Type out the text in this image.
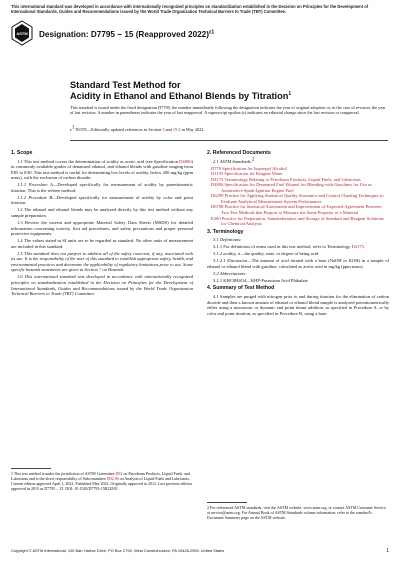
This international standard was developed in accordance with internationally recognized principles on standardization established in the Decision on Principles for the Development of International Standards, Guides and Recommendations issued by the World Trade Organization Technical Barriers to Trade (TBT) Committee.
ASTM Designation: D7795 − 15 (Reapproved 2022)$^{\varepsilon 1}$
Standard Test Method for
Acidity in Ethanol and Ethanol Blends by Titration$^1$
This standard is issued under the fixed designation D7795; the number immediately following the designation indicates the year of original adoption or, in the case of revision, the year of last revision. A number in parentheses indicates the year of last reapproval. A superscript epsilon (ε) indicates an editorial change since the last revision or reapproval.
ε1 NOTE—Editorially updated references in Section 3 and 19.2 in May 2022.
1. Scope
1.1 This test method covers the determination of acidity as acetic acid (see Specification D4806) in commonly available grades of denatured ethanol, and ethanol blends with gasoline ranging from E85 to E30. This test method is useful for determining low levels of acidity, below 200 mg/kg (ppm mass), with the exclusion of carbon dioxide.
1.1.1 Procedure A—Developed specifically for measurement of acidity by potentiometric titration. This is the referee method.
1.1.2 Procedure B—Developed specifically for measurement of acidity by color end point titration.
1.2 The ethanol and ethanol blends may be analyzed directly by this test method without any sample preparation.
1.3 Review the current and appropriate Material Safety Data Sheets (MSDS) for detailed information concerning toxicity, first aid procedures, and safety precautions and proper personal protective equipments.
1.4 The values stated in SI units are to be regarded as standard. No other units of measurement are included in this standard.
1.5 This standard does not purport to address all of the safety concerns, if any, associated with its use. It is the responsibility of the user of this standard to establish appropriate safety, health, and environmental practices and determine the applicability of regulatory limitations prior to use. Some specific hazards statements are given in Section 7 on Hazards.
1.6 This international standard was developed in accordance with internationally recognized principles on standardization established in the Decision on Principles for the Development of International Standards, Guides and Recommendations issued by the World Trade Organization Technical Barriers to Trade (TBT) Committee.
2. Referenced Documents
2.1 ASTM Standards:2
D770 Specification for Isopropyl Alcohol
D1193 Specification for Reagent Water
D4175 Terminology Relating to Petroleum Products, Liquid Fuels, and Lubricants
D4806 Specification for Denatured Fuel Ethanol for Blending with Gasolines for Use as Automotive Spark-Ignition Engine Fuel
D6299 Practice for Applying Statistical Quality Assurance and Control Charting Techniques to Evaluate Analytical Measurement System Performance
D6708 Practice for Statistical Assessment and Improvement of Expected Agreement Between Two Test Methods that Purport to Measure the Same Property of a Material
E200 Practice for Preparation, Standardization, and Storage of Standard and Reagent Solutions for Chemical Analysis
3. Terminology
3.1 Definitions:
3.1.1 For definitions of terms used in this test method, refer to Terminology D4175.
3.1.2 acidity, n—the quality, state, or degree of being acid.
3.1.2.1 Discussion—The amount of acid titrated with a base (NaOH or KOH) in a sample of ethanol or ethanol blend with gasoline, calculated as acetic acid in mg/kg (ppm mass).
3.2 Abbreviations:
3.2.1 KHC8H4O4—KHP-Potassium Acid Phthalate
4. Summary of Test Method
4.1 Samples are purged with nitrogen prior to and during titration for the elimination of carbon dioxide and then a known amount of ethanol or ethanol blend sample is analyzed potentiometrically either using a monotonic or dynamic end point titrant addition, as specified in Procedure A, or by color end point titration, as specified in Procedure B, using a base
1 This test method is under the jurisdiction of ASTM Committee D02 on Petroleum Products, Liquid Fuels, and Lubricants and is the direct responsibility of Subcommittee D02.06 on Analysis of Liquid Fuels and Lubricants.
Current edition approved April 1, 2022. Published May 2022. Originally approved in 2012. Last previous edition approved in 2015 as D7795 – 15. DOI: 10.1520/D7795-15R22E01.
2 For referenced ASTM standards, visit the ASTM website, www.astm.org, or contact ASTM Customer Service at service@astm.org. For Annual Book of ASTM Standards volume information, refer to the standard's Document Summary page on the ASTM website.
Copyright © ASTM International, 100 Barr Harbor Drive, PO Box C700, West Conshohocken, PA 19428-2959. United States	1
